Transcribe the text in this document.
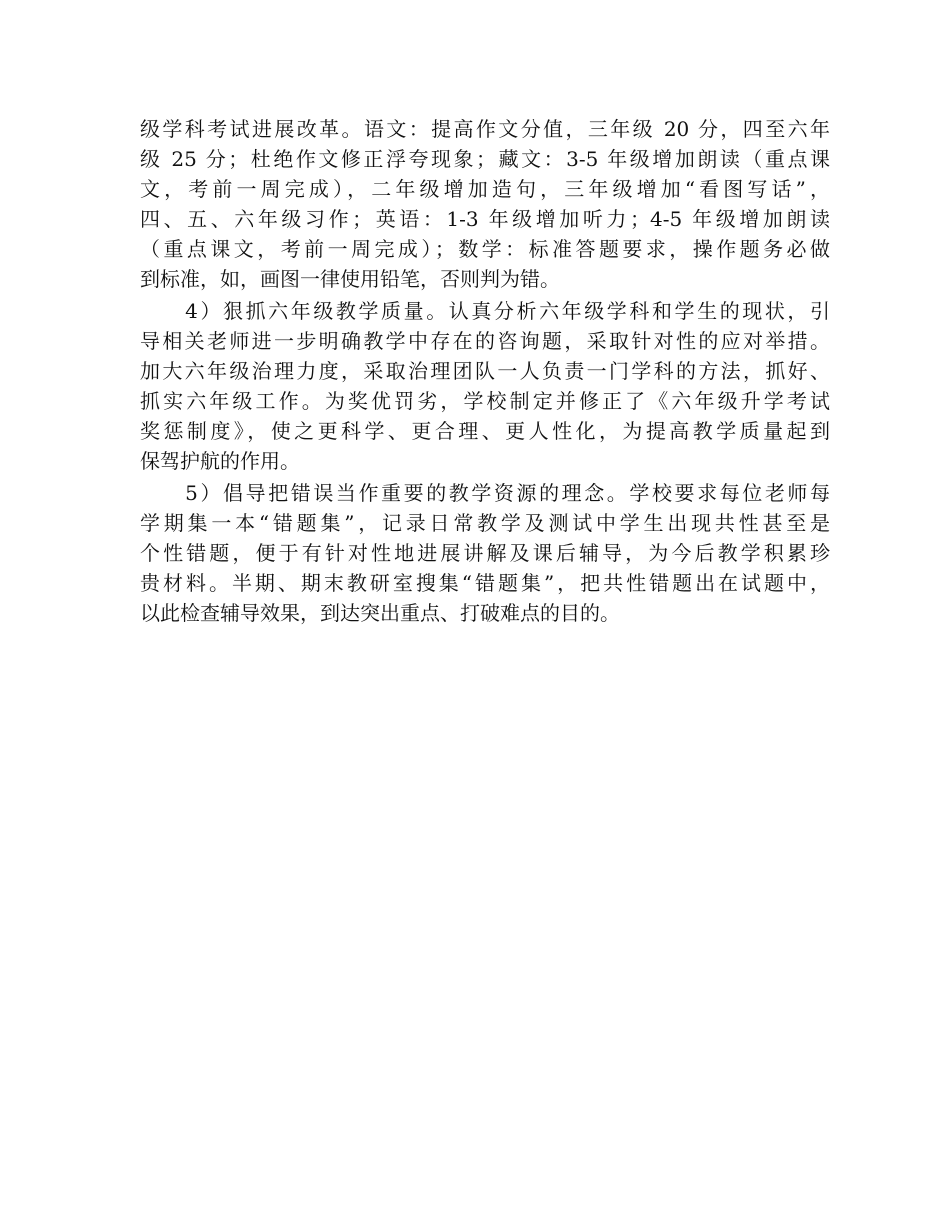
级学科考试进展改革。语文：提高作文分值，三年级 20 分，四至六年
级 25 分；杜绝作文修正浮夸现象；藏文：3-5 年级增加朗读（重点课
文，考前一周完成），二年级增加造句，三年级增加“看图写话”，
四、五、六年级习作；英语：1-3 年级增加听力；4-5 年级增加朗读
（重点课文，考前一周完成）；数学：标准答题要求，操作题务必做
到标准，如，画图一律使用铅笔，否则判为错。
　　4）狠抓六年级教学质量。认真分析六年级学科和学生的现状，引
导相关老师进一步明确教学中存在的咨询题，采取针对性的应对举措。
加大六年级治理力度，采取治理团队一人负责一门学科的方法，抓好、
抓实六年级工作。为奖优罚劣，学校制定并修正了《六年级升学考试
奖惩制度》，使之更科学、更合理、更人性化，为提高教学质量起到
保驾护航的作用。
　　5）倡导把错误当作重要的教学资源的理念。学校要求每位老师每
学期集一本“错题集”，记录日常教学及测试中学生出现共性甚至是
个性错题，便于有针对性地进展讲解及课后辅导，为今后教学积累珍
贵材料。半期、期末教研室搜集“错题集”，把共性错题出在试题中，
以此检查辅导效果，到达突出重点、打破难点的目的。
